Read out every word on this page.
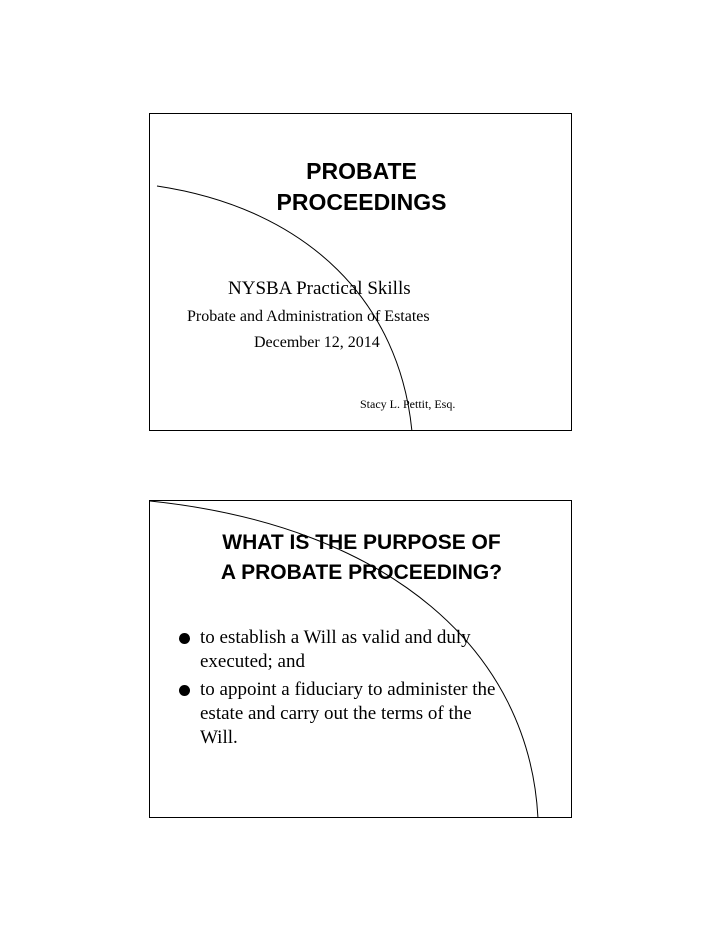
PROBATE
PROCEEDINGS
NYSBA Practical Skills
Probate and Administration of Estates
December 12, 2014
Stacy L. Pettit, Esq.
WHAT IS THE PURPOSE OF
A PROBATE PROCEEDING?
to establish a Will as valid and duly
executed; and
to appoint a fiduciary to administer the
estate and carry out the terms of the
Will.
